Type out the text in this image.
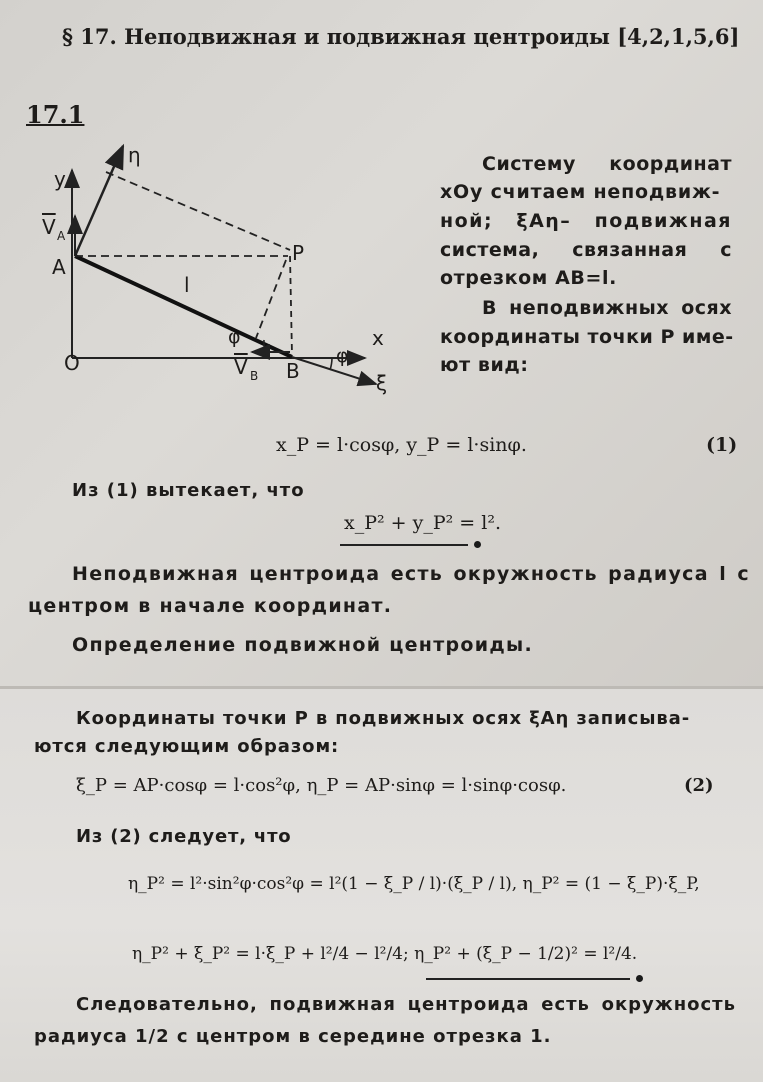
§ 17. Неподвижная и подвижная центроиды [4,2,1,5,6]
17.1
y
η
V A
A
P
l
φ	x
O	V B B
φ
ξ
Систему координат
xOy считаем неподвиж-
ной; ξAη– подвижная
система, связанная с
отрезком AB=l.
В неподвижных осях
координаты точки P име-
ют вид:
x_P = l·cosφ, y_P = l·sinφ.	(1)
Из (1) вытекает, что
x_P² + y_P² = l².
Неподвижная центроида есть окружность радиуса l с
центром в начале координат.
Определение подвижной центроиды.
Координаты точки P в подвижных осях ξAη записыва-
ются следующим образом:
ξ_P = AP·cosφ = l·cos²φ, η_P = AP·sinφ = l·sinφ·cosφ.	(2)
Из (2) следует, что
η_P² = l²·sin²φ·cos²φ = l²(1 − ξ_P / l)·(ξ_P / l), η_P² = (1 − ξ_P)·ξ_P,
η_P² + ξ_P² = l·ξ_P + l²/4 − l²/4; η_P² + (ξ_P − 1/2)² = l²/4.
Следовательно, подвижная центроида есть окружность
радиуса 1/2 с центром в середине отрезка 1.
